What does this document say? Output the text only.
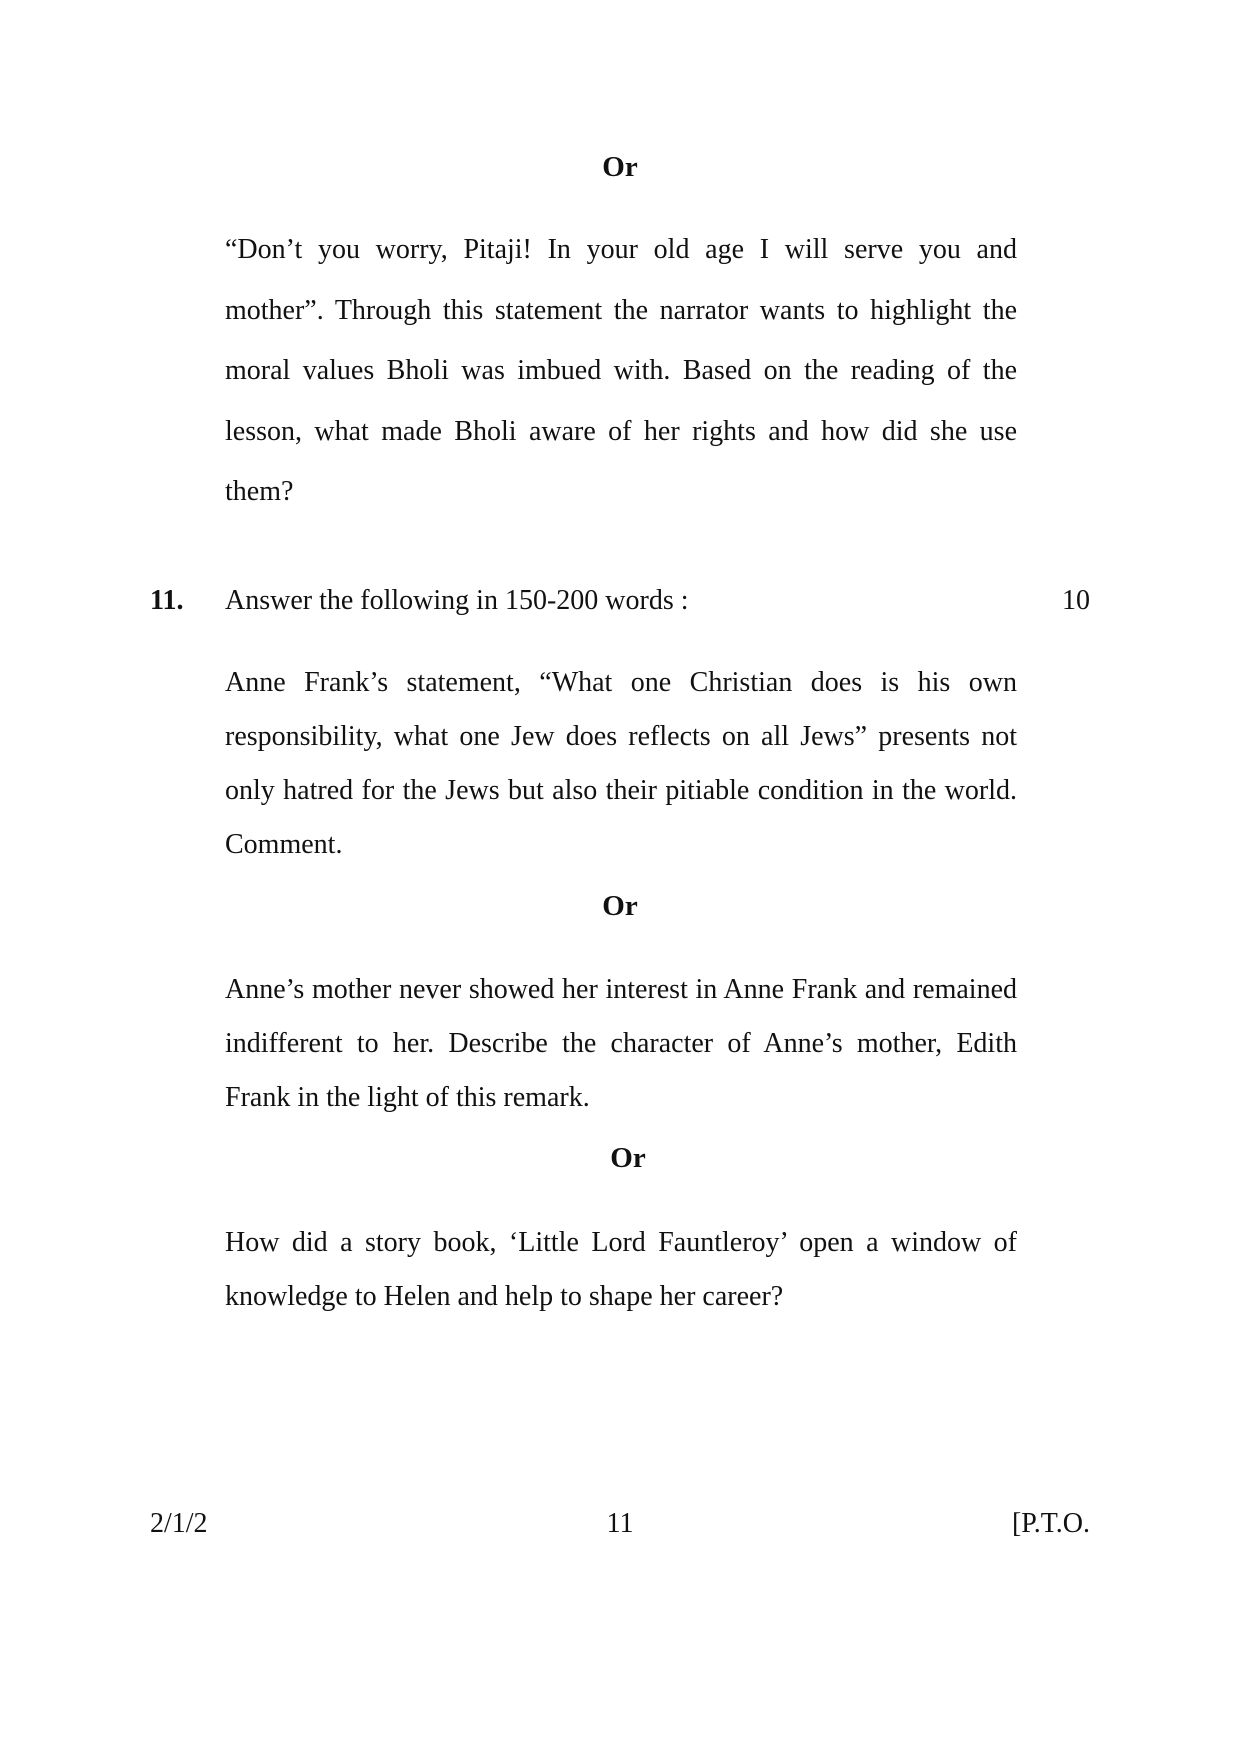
Or
“Don’t you worry, Pitaji! In your old age I will serve you and mother”. Through this statement the narrator wants to highlight the moral values Bholi was imbued with. Based on the reading of the lesson, what made Bholi aware of her rights and how did she use them?
11. Answer the following in 150-200 words :	10
Anne Frank’s statement, “What one Christian does is his own responsibility, what one Jew does reflects on all Jews” presents not only hatred for the Jews but also their pitiable condition in the world. Comment.
Or
Anne’s mother never showed her interest in Anne Frank and remained indifferent to her. Describe the character of Anne’s mother, Edith Frank in the light of this remark.
Or
How did a story book, ‘Little Lord Fauntleroy’ open a window of knowledge to Helen and help to shape her career?
2/1/2	11	[P.T.O.
